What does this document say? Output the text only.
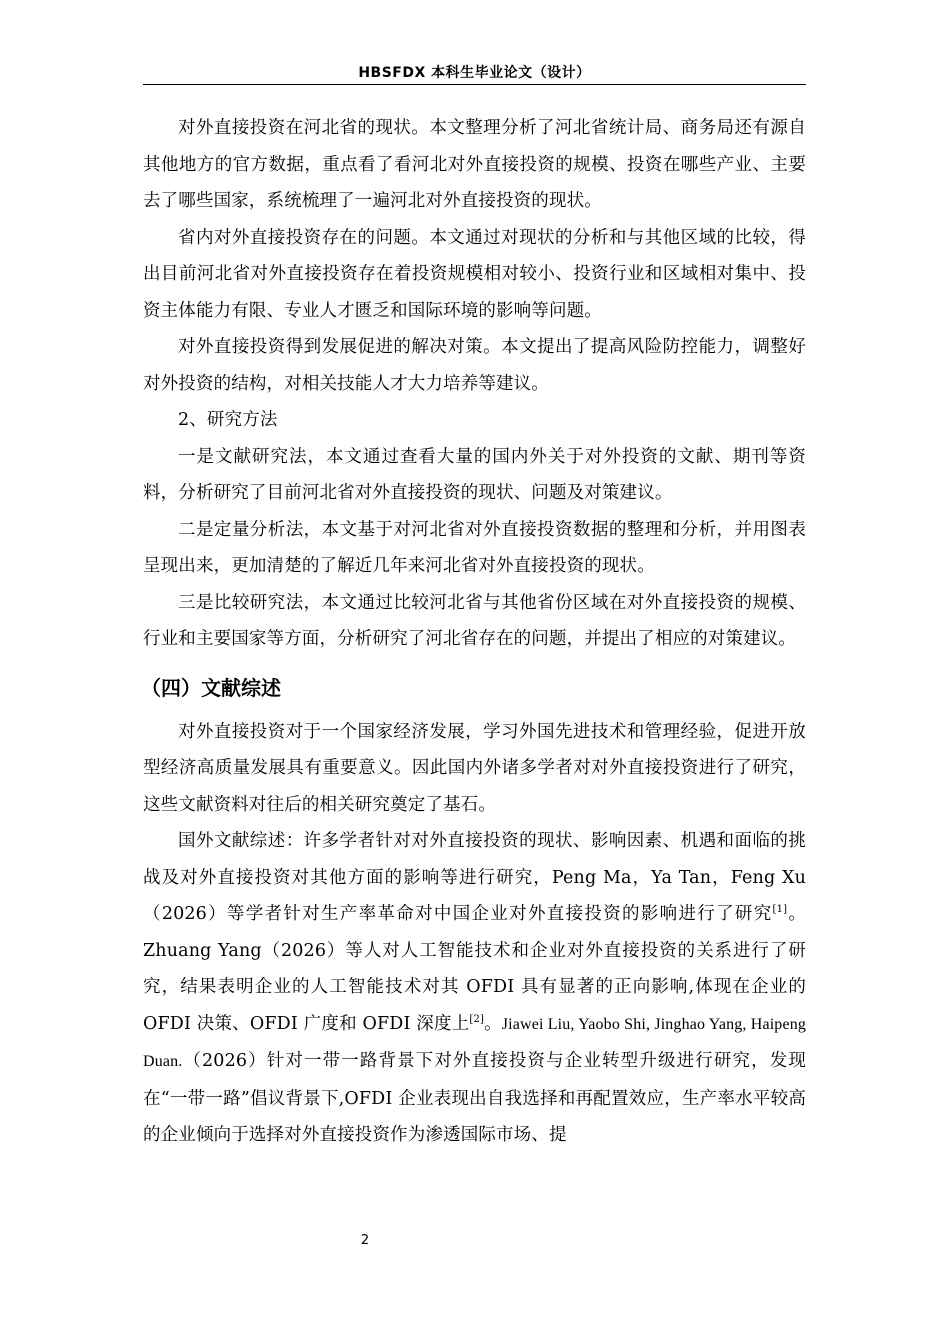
HBSFDX 本科生毕业论文（设计）

对外直接投资在河北省的现状。本文整理分析了河北省统计局、商务局还有源自其他地方的官方数据，重点看了看河北对外直接投资的规模、投资在哪些产业、主要去了哪些国家，系统梳理了一遍河北对外直接投资的现状。

省内对外直接投资存在的问题。本文通过对现状的分析和与其他区域的比较，得出目前河北省对外直接投资存在着投资规模相对较小、投资行业和区域相对集中、投资主体能力有限、专业人才匮乏和国际环境的影响等问题。

对外直接投资得到发展促进的解决对策。本文提出了提高风险防控能力，调整好对外投资的结构，对相关技能人才大力培养等建议。

2、研究方法

一是文献研究法，本文通过查看大量的国内外关于对外投资的文献、期刊等资料，分析研究了目前河北省对外直接投资的现状、问题及对策建议。

二是定量分析法，本文基于对河北省对外直接投资数据的整理和分析，并用图表呈现出来，更加清楚的了解近几年来河北省对外直接投资的现状。

三是比较研究法，本文通过比较河北省与其他省份区域在对外直接投资的规模、行业和主要国家等方面，分析研究了河北省存在的问题，并提出了相应的对策建议。

（四）文献综述

对外直接投资对于一个国家经济发展，学习外国先进技术和管理经验，促进开放型经济高质量发展具有重要意义。因此国内外诸多学者对对外直接投资进行了研究，这些文献资料对往后的相关研究奠定了基石。

国外文献综述：许多学者针对对外直接投资的现状、影响因素、机遇和面临的挑战及对外直接投资对其他方面的影响等进行研究，Peng Ma，Ya Tan，Feng Xu（2026）等学者针对生产率革命对中国企业对外直接投资的影响进行了研究[1]。Zhuang Yang（2026）等人对人工智能技术和企业对外直接投资的关系进行了研究，结果表明企业的人工智能技术对其 OFDI 具有显著的正向影响,体现在企业的 OFDI 决策、OFDI 广度和 OFDI 深度上[2]。Jiawei Liu, Yaobo Shi, Jinghao Yang, Haipeng Duan.（2026）针对一带一路背景下对外直接投资与企业转型升级进行研究，发现在“一带一路”倡议背景下,OFDI 企业表现出自我选择和再配置效应，生产率水平较高的企业倾向于选择对外直接投资作为渗透国际市场、提

2
